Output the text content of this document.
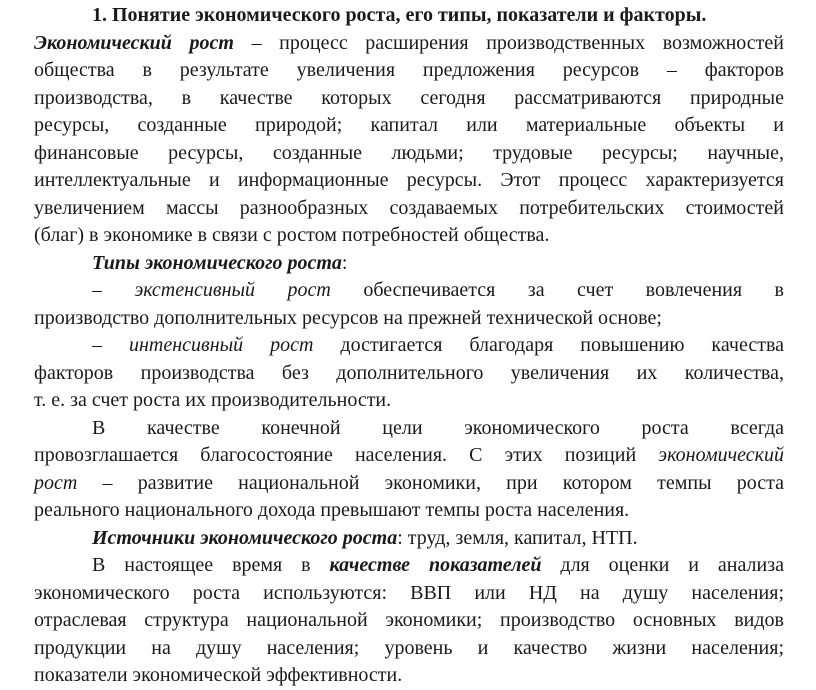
1. Понятие экономического роста, его типы, показатели и факторы.
Экономический рост – процесс расширения производственных возможностей
общества в результате увеличения предложения ресурсов – факторов
производства, в качестве которых сегодня рассматриваются природные
ресурсы, созданные природой; капитал или материальные объекты и
финансовые ресурсы, созданные людьми; трудовые ресурсы; научные,
интеллектуальные и информационные ресурсы. Этот процесс характеризуется
увеличением массы разнообразных создаваемых потребительских стоимостей
(благ) в экономике в связи с ростом потребностей общества.
Типы экономического роста:
– экстенсивный рост обеспечивается за счет вовлечения в
производство дополнительных ресурсов на прежней технической основе;
– интенсивный рост достигается благодаря повышению качества
факторов производства без дополнительного увеличения их количества,
т. е. за счет роста их производительности.
В качестве конечной цели экономического роста всегда
провозглашается благосостояние населения. С этих позиций экономический
рост – развитие национальной экономики, при котором темпы роста
реального национального дохода превышают темпы роста населения.
Источники экономического роста: труд, земля, капитал, НТП.
В настоящее время в качестве показателей для оценки и анализа
экономического роста используются: ВВП или НД на душу населения;
отраслевая структура национальной экономики; производство основных видов
продукции на душу населения; уровень и качество жизни населения;
показатели экономической эффективности.
